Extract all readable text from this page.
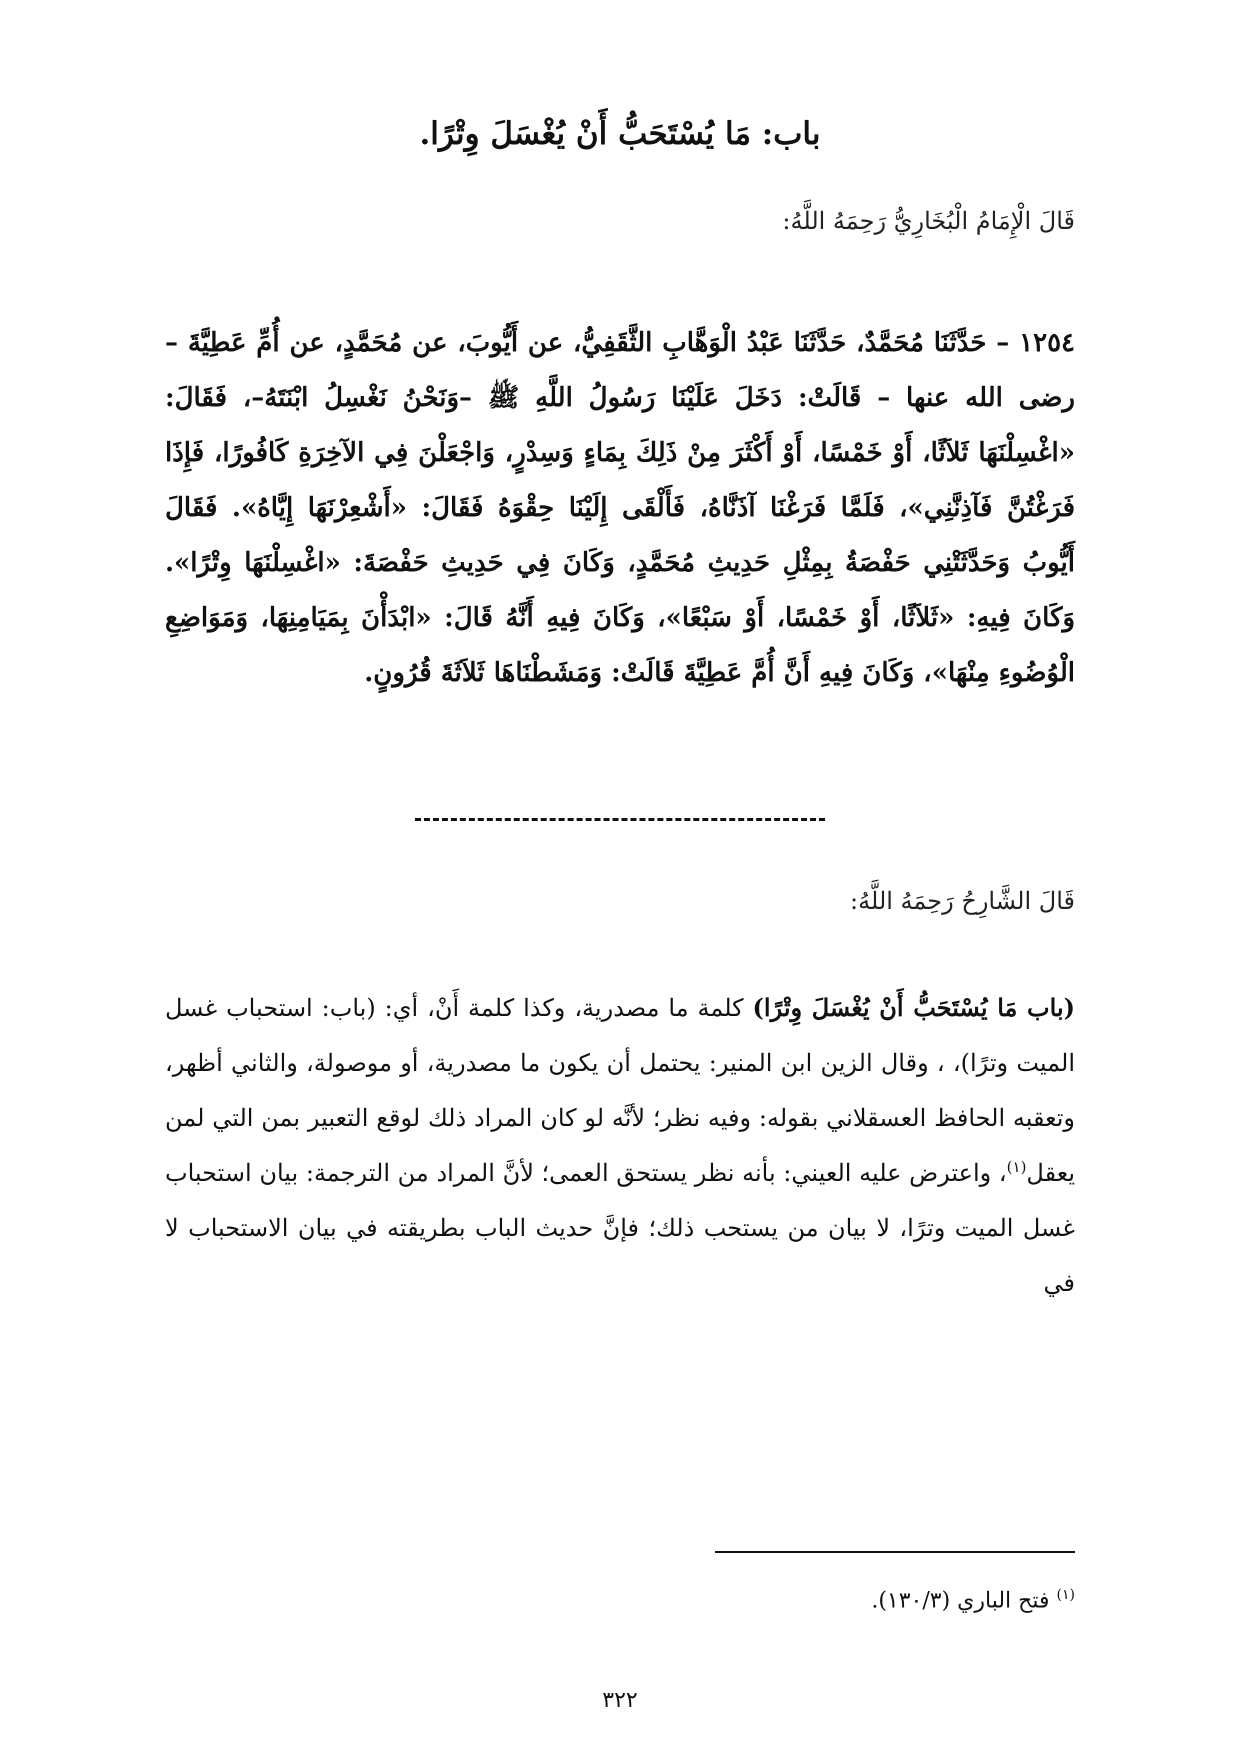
باب: مَا يُسْتَحَبُّ أَنْ يُغْسَلَ وِتْرًا.
قَالَ الْإِمَامُ الْبُخَارِيُّ رَحِمَهُ اللَّهُ:

١٢٥٤ – حَدَّثَنَا مُحَمَّدٌ، حَدَّثَنَا عَبْدُ الْوَهَّابِ الثَّقَفِيُّ، عن أَيُّوبَ، عن مُحَمَّدٍ، عن أُمِّ عَطِيَّةَ – رضى الله عنها – قَالَتْ: دَخَلَ عَلَيْنَا رَسُولُ اللَّهِ ﷺ –وَنَحْنُ نَغْسِلُ ابْنَتَهُ–، فَقَالَ: «اغْسِلْنَهَا ثَلاَثًا، أَوْ خَمْسًا، أَوْ أَكْثَرَ مِنْ ذَلِكَ بِمَاءٍ وَسِدْرٍ، وَاجْعَلْنَ فِي الآخِرَةِ كَافُورًا، فَإِذَا فَرَغْتُنَّ فَآذِنَّنِي»، فَلَمَّا فَرَغْنَا آذَنَّاهُ، فَأَلْقَى إِلَيْنَا حِقْوَهُ فَقَالَ: «أَشْعِرْنَهَا إِيَّاهُ». فَقَالَ أَيُّوبُ وَحَدَّثَتْنِي حَفْصَةُ بِمِثْلِ حَدِيثِ مُحَمَّدٍ، وَكَانَ فِي حَدِيثِ حَفْصَةَ: «اغْسِلْنَهَا وِتْرًا». وَكَانَ فِيهِ: «ثَلاَثًا، أَوْ خَمْسًا، أَوْ سَبْعًا»، وَكَانَ فِيهِ أَنَّهُ قَالَ: «ابْدَأْنَ بِمَيَامِنِهَا، وَمَوَاضِعِ الْوُضُوءِ مِنْهَا»، وَكَانَ فِيهِ أَنَّ أُمَّ عَطِيَّةَ قَالَتْ: وَمَشَطْنَاهَا ثَلاَثَةَ قُرُونٍ.

قَالَ الشَّارِحُ رَحِمَهُ اللَّهُ:

(باب مَا يُسْتَحَبُّ أَنْ يُغْسَلَ وِتْرًا) كلمة ما مصدرية، وكذا كلمة أَنْ، أي: (باب: استحباب غسل الميت وترًا)، ، وقال الزين ابن المنير: يحتمل أن يكون ما مصدرية، أو موصولة، والثاني أظهر، وتعقبه الحافظ العسقلاني بقوله: وفيه نظر؛ لأنَّه لو كان المراد ذلك لوقع التعبير بمن التي لمن يعقل$^{(١)}$، واعترض عليه العيني: بأنه نظر يستحق العمى؛ لأنَّ المراد من الترجمة: بيان استحباب غسل الميت وترًا، لا بيان من يستحب ذلك؛ فإنَّ حديث الباب بطريقته في بيان الاستحباب لا في

$^{(١)}$ فتح الباري (١٣٠/٣).
٣٢٢
